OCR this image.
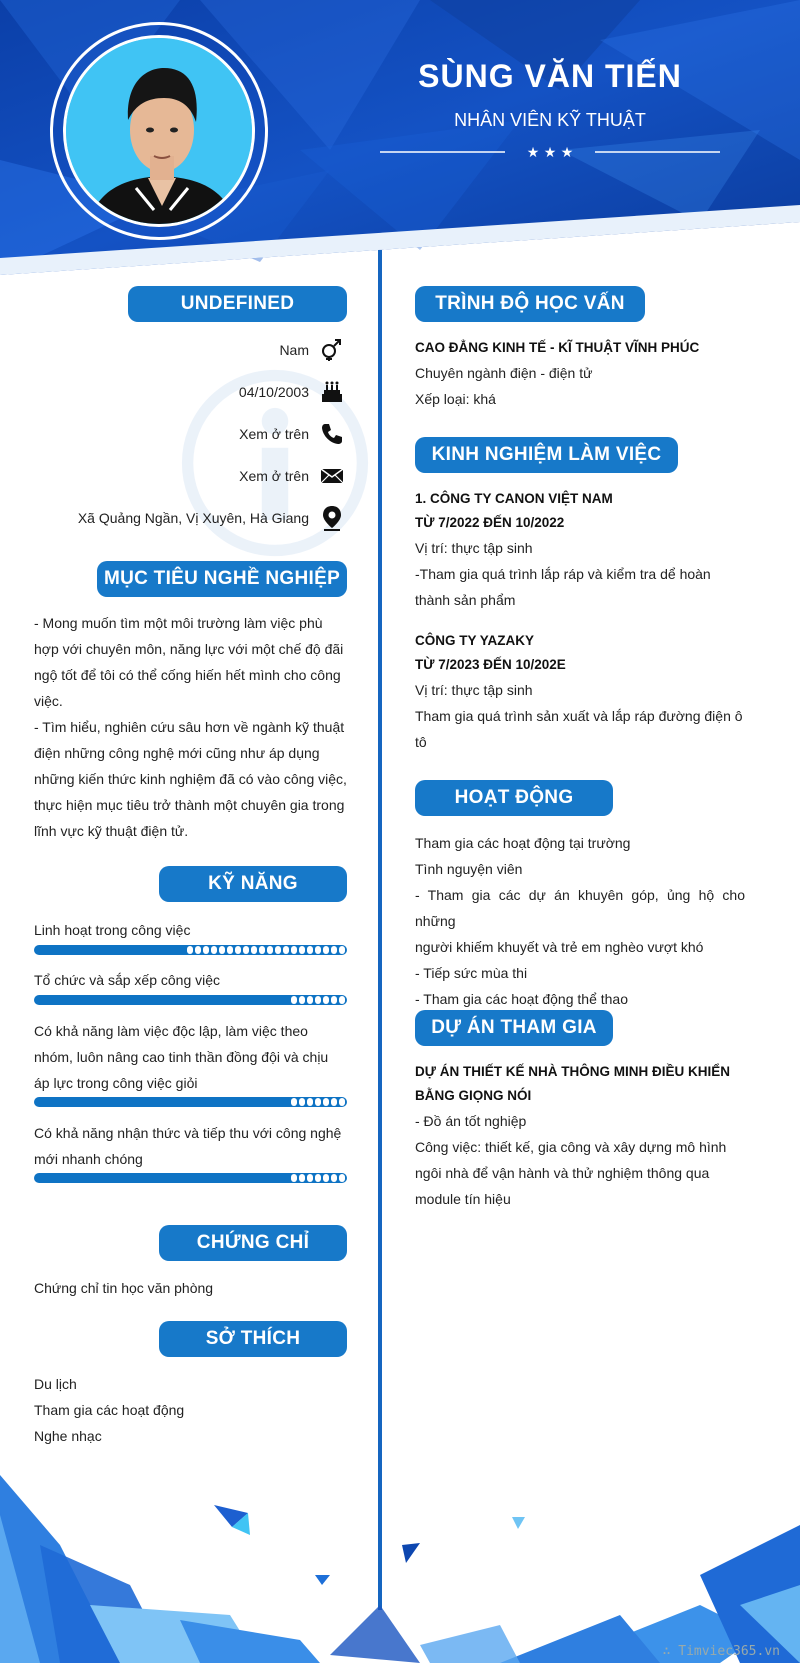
SÙNG VĂN TIẾN
NHÂN VIÊN KỸ THUẬT
★ ★ ★
UNDEFINED
Nam
04/10/2003
Xem ở trên
Xem ở trên
Xã Quảng Ngần, Vị Xuyên, Hà Giang
MỤC TIÊU NGHỀ NGHIỆP
- Mong muốn tìm một môi trường làm việc phù
hợp với chuyên môn, năng lực với một chế độ đãi
ngộ tốt để tôi có thể cống hiến hết mình cho công
việc.
- Tìm hiểu, nghiên cứu sâu hơn về ngành kỹ thuật
điện những công nghệ mới cũng như áp dụng
những kiến thức kinh nghiệm đã có vào công việc,
thực hiện mục tiêu trở thành một chuyên gia trong
lĩnh vực kỹ thuật điện tử.
KỸ NĂNG
Linh hoạt trong công việc
Tổ chức và sắp xếp công việc
Có khả năng làm việc độc lập, làm việc theo
nhóm, luôn nâng cao tinh thần đồng đội và chịu
áp lực trong công việc giỏi
Có khả năng nhận thức và tiếp thu với công nghệ
mới nhanh chóng
CHỨNG CHỈ
Chứng chỉ tin học văn phòng
SỞ THÍCH
Du lịch
Tham gia các hoạt động
Nghe nhạc
TRÌNH ĐỘ HỌC VẤN
CAO ĐẲNG KINH TẾ - KĨ THUẬT VĨNH PHÚC
Chuyên ngành điện - điện tử
Xếp loại: khá
KINH NGHIỆM LÀM VIỆC
1. CÔNG TY CANON VIỆT NAM
TỪ 7/2022 ĐẾN 10/2022
Vị trí: thực tập sinh
-Tham gia quá trình lắp ráp và kiểm tra dể hoàn
thành sản phẩm
CÔNG TY YAZAKY
TỪ 7/2023 ĐẾN 10/202E
Vị trí: thực tập sinh
Tham gia quá trình sản xuất và lắp ráp đường điện ô
tô
HOẠT ĐỘNG
Tham gia các hoạt động tại trường
Tình nguyện viên
- Tham gia các dự án khuyên góp, ủng hộ cho những
người khiếm khuyết và trẻ em nghèo vượt khó
- Tiếp sức mùa thi
- Tham gia các hoạt động thể thao
DỰ ÁN THAM GIA
DỰ ÁN THIẾT KẾ NHÀ THÔNG MINH ĐIỀU KHIỂN
BẰNG GIỌNG NÓI
- Đồ án tốt nghiệp
Công việc: thiết kế, gia công và xây dựng mô hình
ngôi nhà để vận hành và thử nghiệm thông qua
module tín hiệu
∴ Timviec365.vn
